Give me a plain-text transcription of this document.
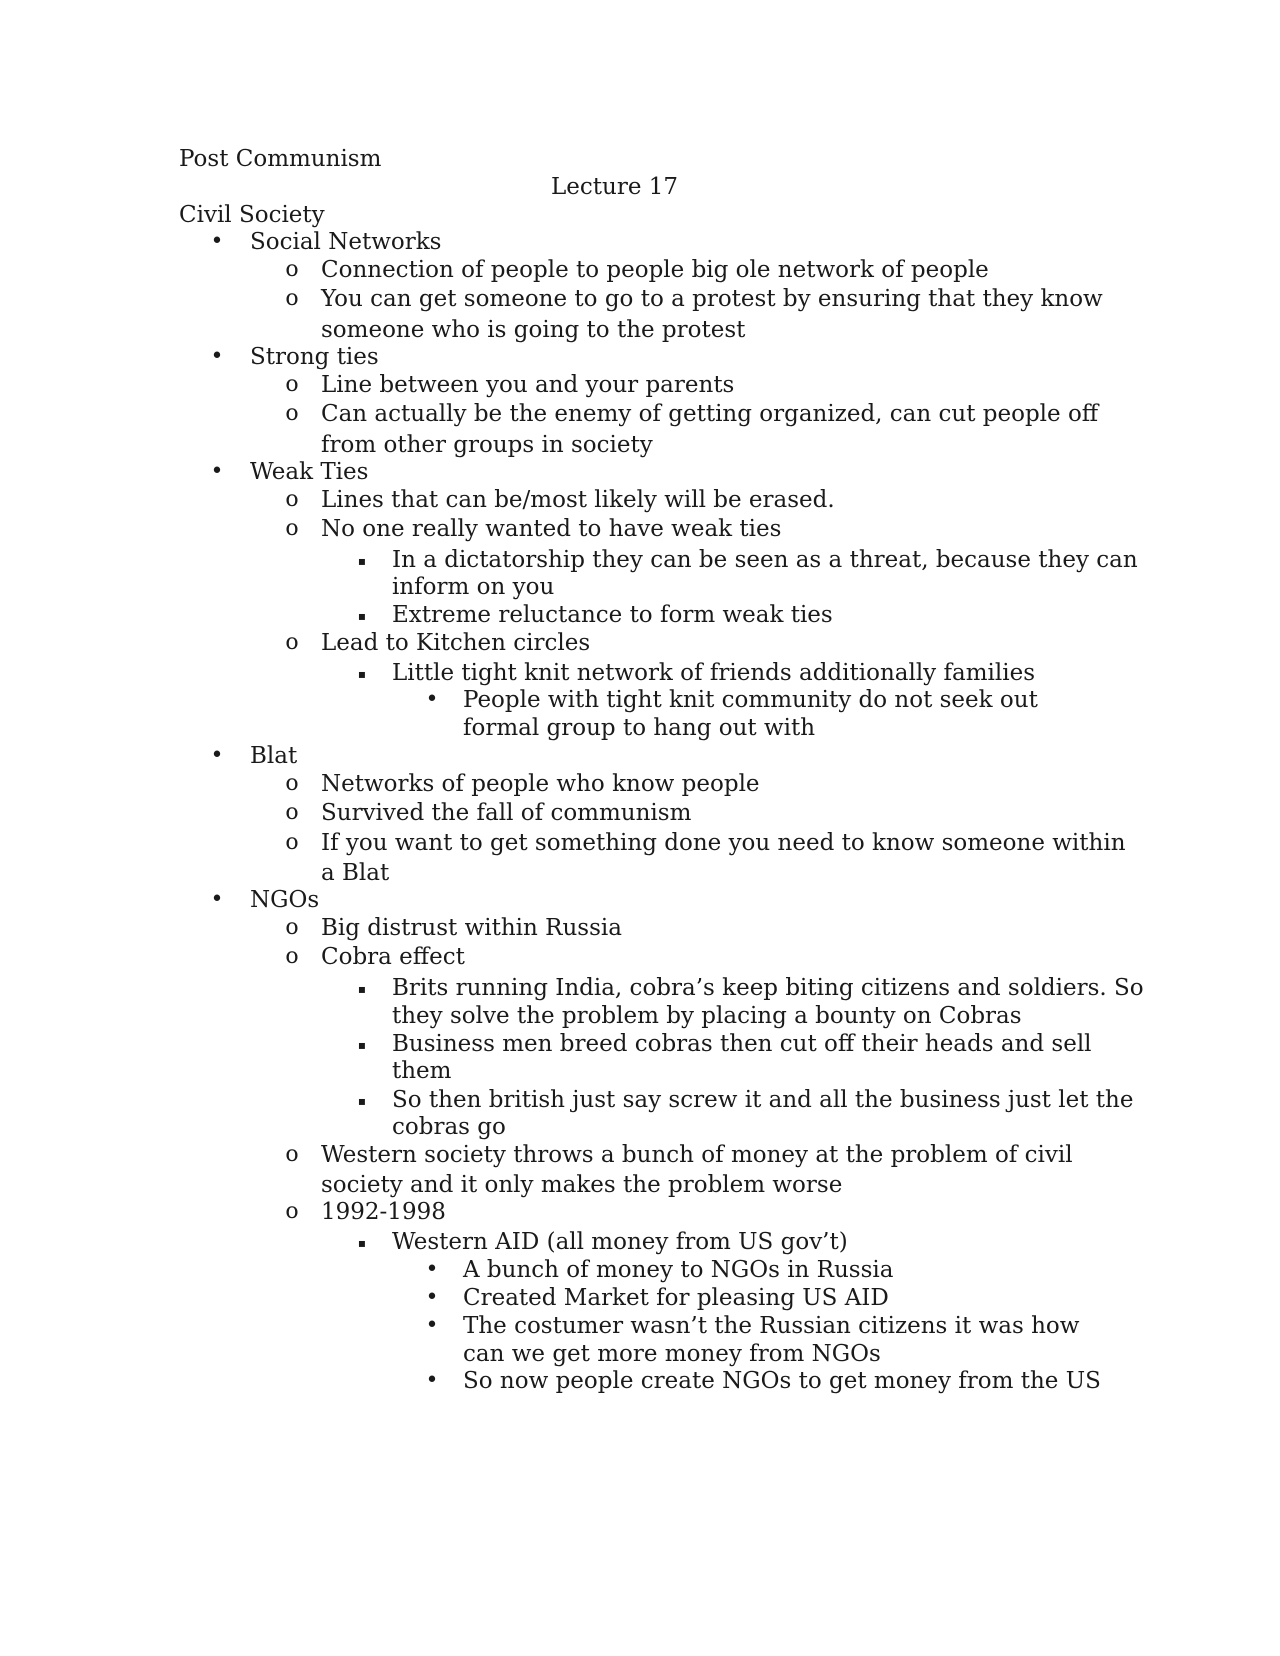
Post Communism
Lecture 17
Civil Society
• Social Networks
o Connection of people to people big ole network of people
o You can get someone to go to a protest by ensuring that they know
someone who is going to the protest
• Strong ties
o Line between you and your parents
o Can actually be the enemy of getting organized, can cut people off
from other groups in society
• Weak Ties
o Lines that can be/most likely will be erased.
o No one really wanted to have weak ties
▪ In a dictatorship they can be seen as a threat, because they can
inform on you
▪ Extreme reluctance to form weak ties
o Lead to Kitchen circles
▪ Little tight knit network of friends additionally families
• People with tight knit community do not seek out
formal group to hang out with
• Blat
o Networks of people who know people
o Survived the fall of communism
o If you want to get something done you need to know someone within
a Blat
• NGOs
o Big distrust within Russia
o Cobra effect
▪ Brits running India, cobra’s keep biting citizens and soldiers. So
they solve the problem by placing a bounty on Cobras
▪ Business men breed cobras then cut off their heads and sell
them
▪ So then british just say screw it and all the business just let the
cobras go
o Western society throws a bunch of money at the problem of civil
society and it only makes the problem worse
o 1992-1998
▪ Western AID (all money from US gov’t)
• A bunch of money to NGOs in Russia
• Created Market for pleasing US AID
• The costumer wasn’t the Russian citizens it was how
can we get more money from NGOs
• So now people create NGOs to get money from the US
